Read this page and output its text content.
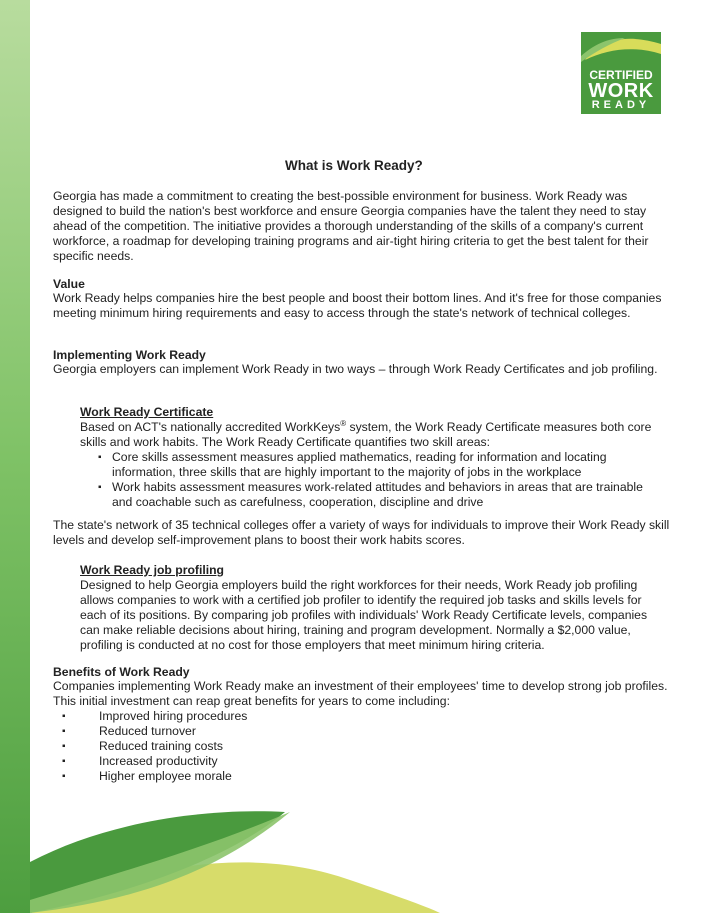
CERTIFIED
WORK
READY
What is Work Ready?

Georgia has made a commitment to creating the best-possible environment for business. Work Ready was designed to build the nation's best workforce and ensure Georgia companies have the talent they need to stay ahead of the competition. The initiative provides a thorough understanding of the skills of a company's current workforce, a roadmap for developing training programs and air-tight hiring criteria to get the best talent for their specific needs.

Value

Work Ready helps companies hire the best people and boost their bottom lines. And it's free for those companies meeting minimum hiring requirements and easy to access through the state's network of technical colleges.

Implementing Work Ready

Georgia employers can implement Work Ready in two ways – through Work Ready Certificates and job profiling.

Work Ready Certificate
Based on ACT's nationally accredited WorkKeys® system, the Work Ready Certificate measures both core skills and work habits. The Work Ready Certificate quantifies two skill areas:
▪ Core skills assessment measures applied mathematics, reading for information and locating information, three skills that are highly important to the majority of jobs in the workplace
▪ Work habits assessment measures work-related attitudes and behaviors in areas that are trainable and coachable such as carefulness, cooperation, discipline and drive

The state's network of 35 technical colleges offer a variety of ways for individuals to improve their Work Ready skill levels and develop self-improvement plans to boost their work habits scores.

Work Ready job profiling
Designed to help Georgia employers build the right workforces for their needs, Work Ready job profiling allows companies to work with a certified job profiler to identify the required job tasks and skills levels for each of its positions. By comparing job profiles with individuals' Work Ready Certificate levels, companies can make reliable decisions about hiring, training and program development. Normally a $2,000 value, profiling is conducted at no cost for those employers that meet minimum hiring criteria.

Benefits of Work Ready

Companies implementing Work Ready make an investment of their employees' time to develop strong job profiles. This initial investment can reap great benefits for years to come including:

▪ Improved hiring procedures
▪ Reduced turnover
▪ Reduced training costs
▪ Increased productivity
▪ Higher employee morale
